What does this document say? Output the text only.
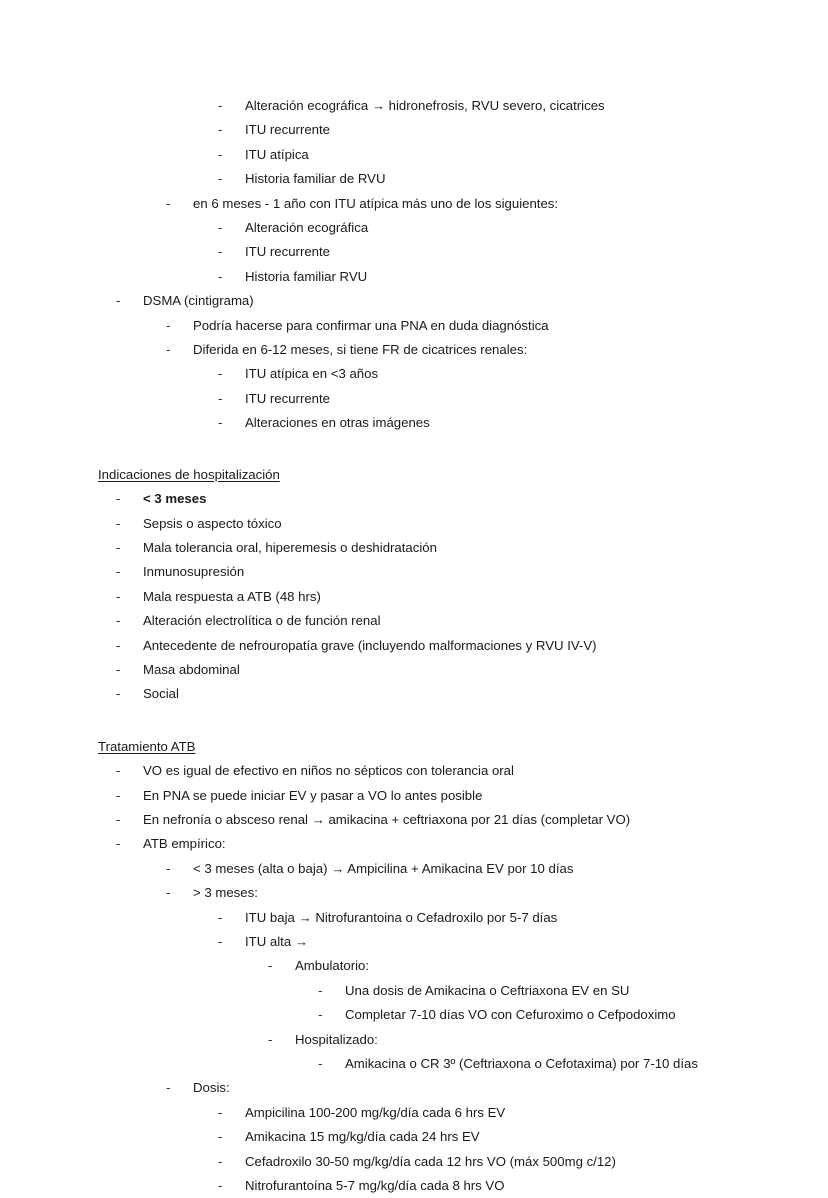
-	Alteración ecográfica → hidronefrosis, RVU severo, cicatrices
-	ITU recurrente
-	ITU atípica
-	Historia familiar de RVU
-	en 6 meses - 1 año con ITU atípica más uno de los siguientes:
-	Alteración ecográfica
-	ITU recurrente
-	Historia familiar RVU
-	DSMA (cintigrama)
-	Podría hacerse para confirmar una PNA en duda diagnóstica
-	Diferida en 6-12 meses, si tiene FR de cicatrices renales:
-	ITU atípica en <3 años
-	ITU recurrente
-	Alteraciones en otras imágenes
Indicaciones de hospitalización
-	< 3 meses
-	Sepsis o aspecto tóxico
-	Mala tolerancia oral, hiperemesis o deshidratación
-	Inmunosupresión
-	Mala respuesta a ATB (48 hrs)
-	Alteración electrolítica o de función renal
-	Antecedente de nefrouropatía grave (incluyendo malformaciones y RVU IV-V)
-	Masa abdominal
-	Social
Tratamiento ATB
-	VO es igual de efectivo en niños no sépticos con tolerancia oral
-	En PNA se puede iniciar EV y pasar a VO lo antes posible
-	En nefronía o absceso renal → amikacina + ceftriaxona por 21 días (completar VO)
-	ATB empírico:
-	< 3 meses (alta o baja) → Ampicilina + Amikacina EV por 10 días
-	> 3 meses:
-	ITU baja → Nitrofurantoina o Cefadroxilo por 5-7 días
-	ITU alta →
-	Ambulatorio:
-	Una dosis de Amikacina o Ceftriaxona EV en SU
-	Completar 7-10 días VO con Cefuroximo o Cefpodoximo
-	Hospitalizado:
-	Amikacina o CR 3º (Ceftriaxona o Cefotaxima) por 7-10 días
-	Dosis:
-	Ampicilina 100-200 mg/kg/día cada 6 hrs EV
-	Amikacina 15 mg/kg/día cada 24 hrs EV
-	Cefadroxilo 30-50 mg/kg/día cada 12 hrs VO (máx 500mg c/12)
-	Nitrofurantoína 5-7 mg/kg/día cada 8 hrs VO
